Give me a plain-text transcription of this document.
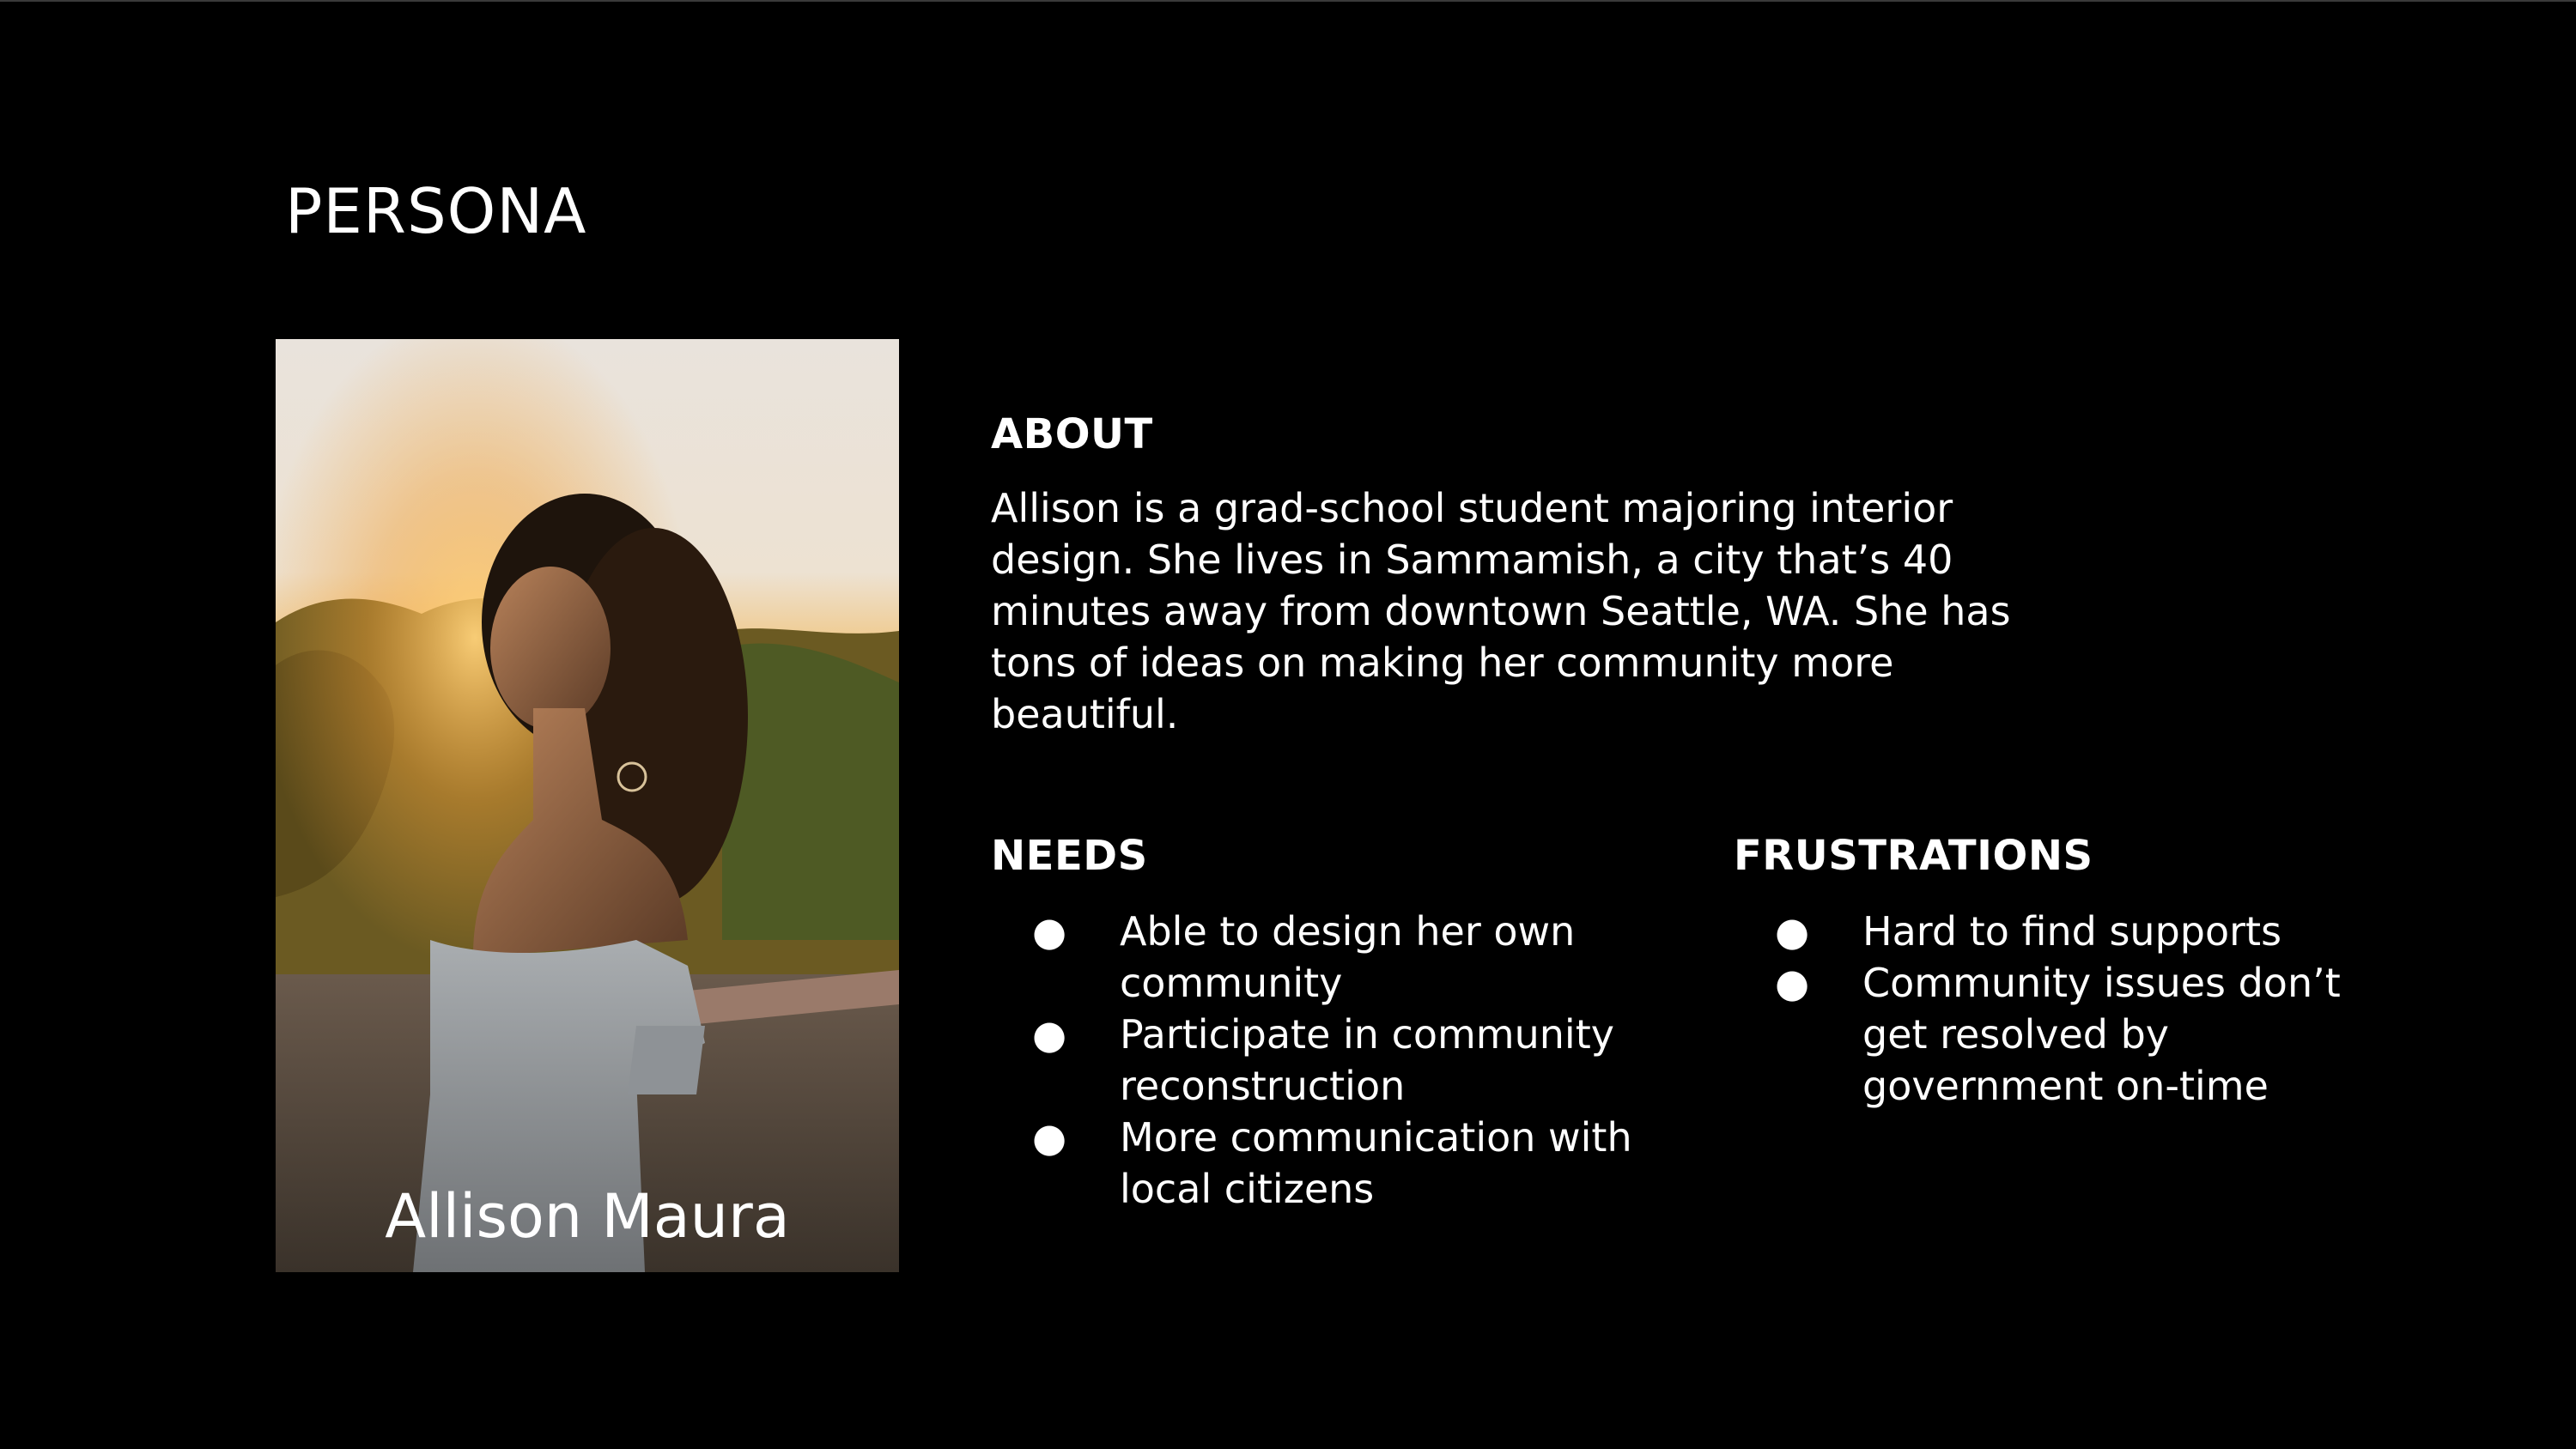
PERSONA
Allison Maura
ABOUT
Allison is a grad-school student majoring interior
design. She lives in Sammamish, a city that’s 40
minutes away from downtown Seattle, WA. She has
tons of ideas on making her community more
beautiful.
NEEDS
● Able to design her own
community
● Participate in community
reconstruction
● More communication with
local citizens
FRUSTRATIONS
● Hard to find supports
● Community issues don’t
get resolved by
government on-time
